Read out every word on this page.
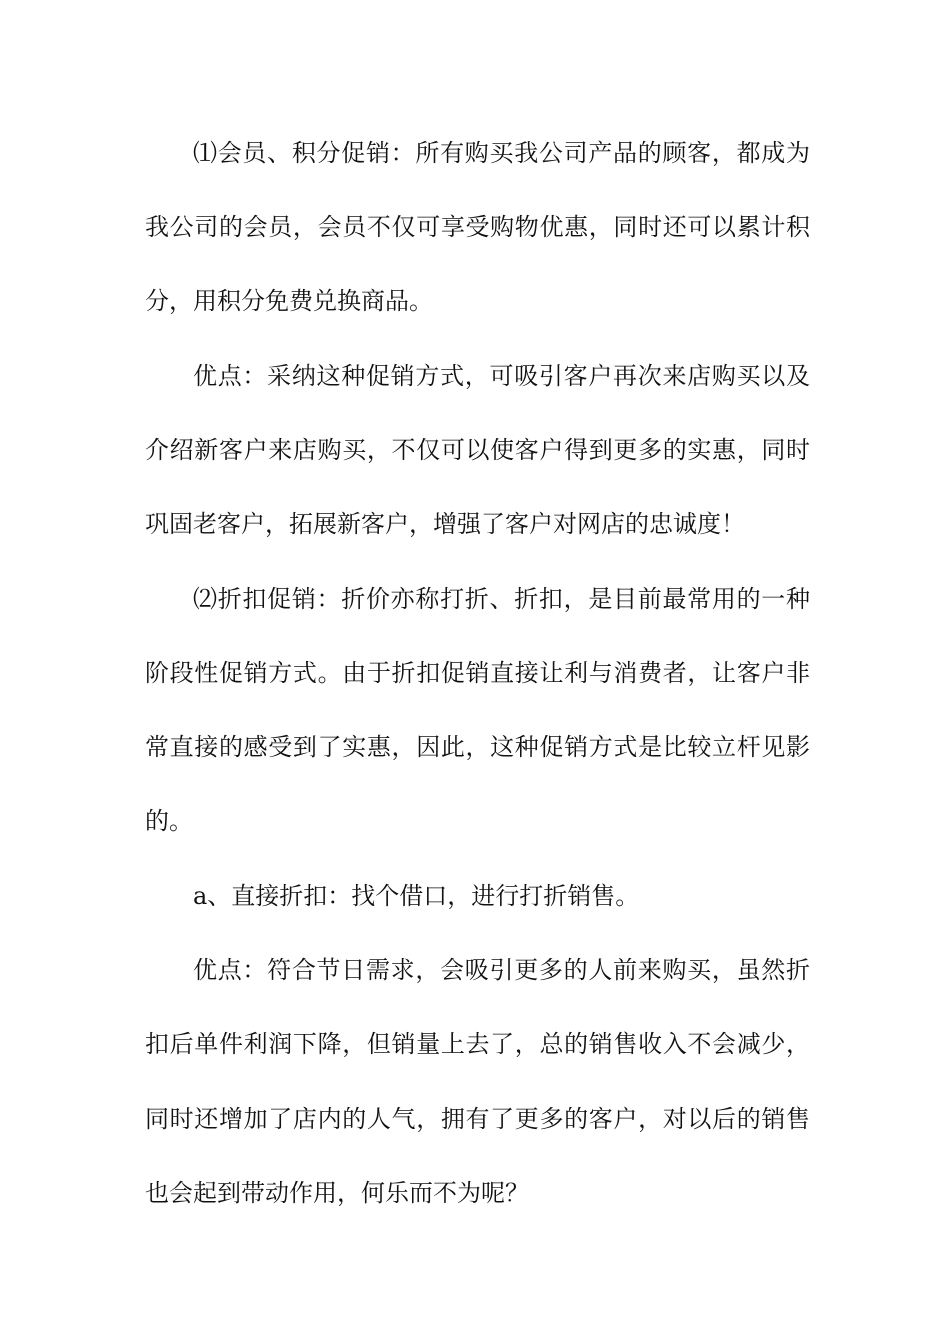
⑴会员、积分促销：所有购买我公司产品的顾客，都成为
我公司的会员，会员不仅可享受购物优惠，同时还可以累计积
分，用积分免费兑换商品。
优点：采纳这种促销方式，可吸引客户再次来店购买以及
介绍新客户来店购买，不仅可以使客户得到更多的实惠，同时
巩固老客户，拓展新客户，增强了客户对网店的忠诚度！
⑵折扣促销：折价亦称打折、折扣，是目前最常用的一种
阶段性促销方式。由于折扣促销直接让利与消费者，让客户非
常直接的感受到了实惠，因此，这种促销方式是比较立杆见影
的。
a、直接折扣：找个借口，进行打折销售。
优点：符合节日需求，会吸引更多的人前来购买，虽然折
扣后单件利润下降，但销量上去了，总的销售收入不会减少，
同时还增加了店内的人气，拥有了更多的客户，对以后的销售
也会起到带动作用，何乐而不为呢？
